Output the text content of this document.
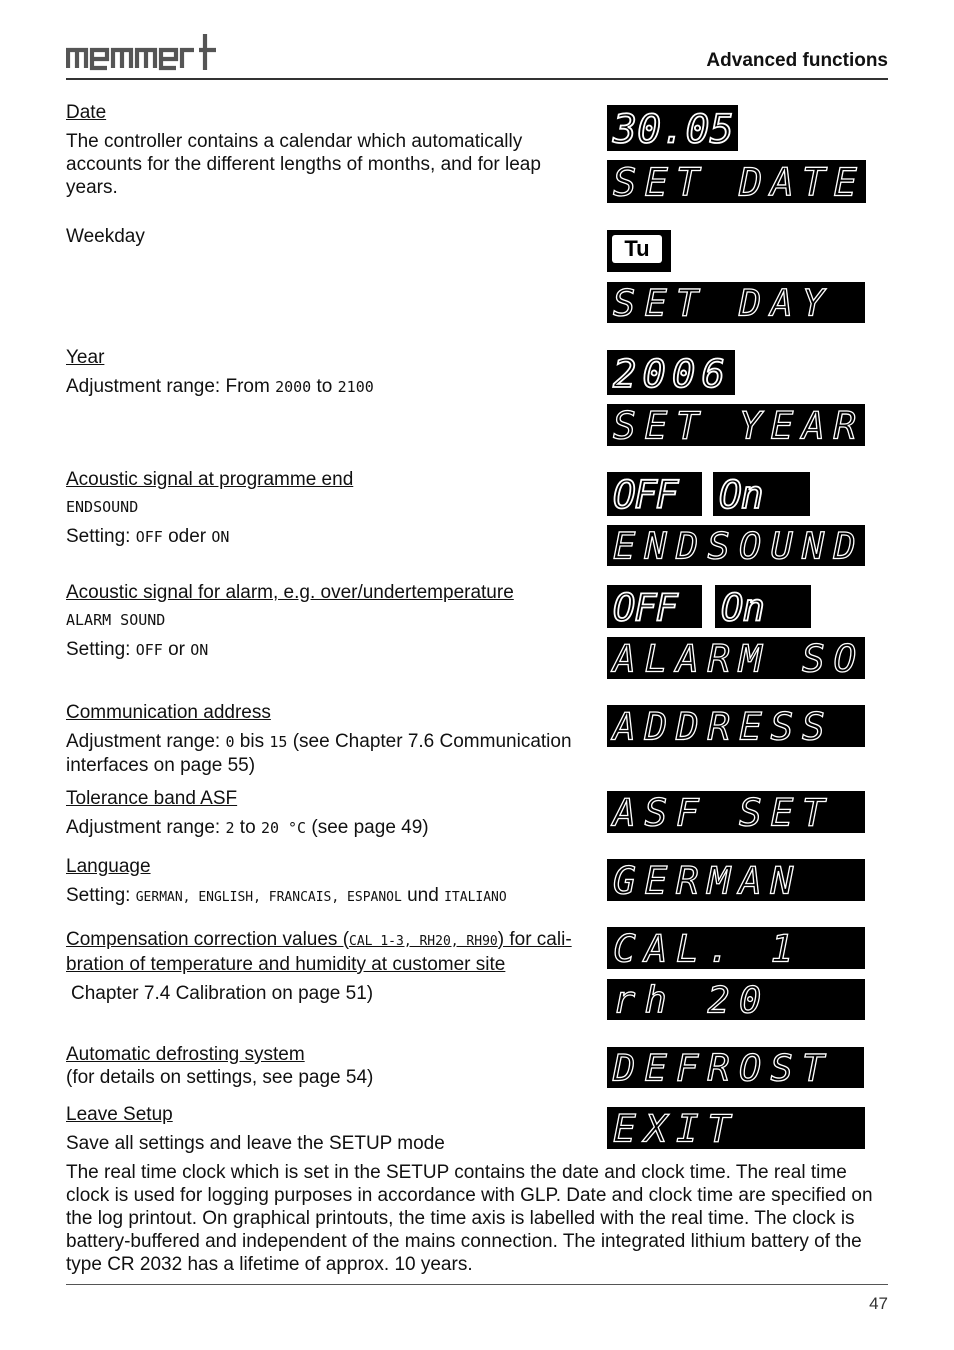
Advanced functions
Date
The controller contains a calendar which automatically accounts for the different lengths of months, and for leap years.
30.05
S E T D A T E
Weekday	Tu
S E T D A Y
Year
Adjustment range: From 2000 to 2100	2 0 0 6
S E T Y E A R
Acoustic signal at programme end
ENDSOUND
Setting: OFF oder ON
OFF On
E N D S O U N D
Acoustic signal for alarm, e.g. over/undertemperature
ALARM SOUND
Setting: OFF or ON
OFF On
A L A R M S O
Communication address
Adjustment range: 0 bis 15 (see Chapter 7.6 Communication interfaces on page 55)
A D D R E S S
Tolerance band ASF
Adjustment range: 2 to 20 °C (see page 49)	A S F S E T
Language
Setting: GERMAN, ENGLISH, FRANCAIS, ESPANOL und ITALIANO	G E R M A N
Compensation correction values (CAL 1-3, RH20, RH90) for cali-
bration of temperature and humidity at customer site
Chapter 7.4 Calibration on page 51)
C A L . 1
r h 2 0
Automatic defrosting system
(for details on settings, see page 54)	D E F R O S T
Leave Setup
Save all settings and leave the SETUP mode	E X I T
The real time clock which is set in the SETUP contains the date and clock time. The real time clock is used for logging purposes in accordance with GLP. Date and clock time are specified on the log printout. On graphical printouts, the time axis is labelled with the real time. The clock is battery-buffered and independent of the mains connection. The integrated lithium battery of the type CR 2032 has a lifetime of approx. 10 years.
47
